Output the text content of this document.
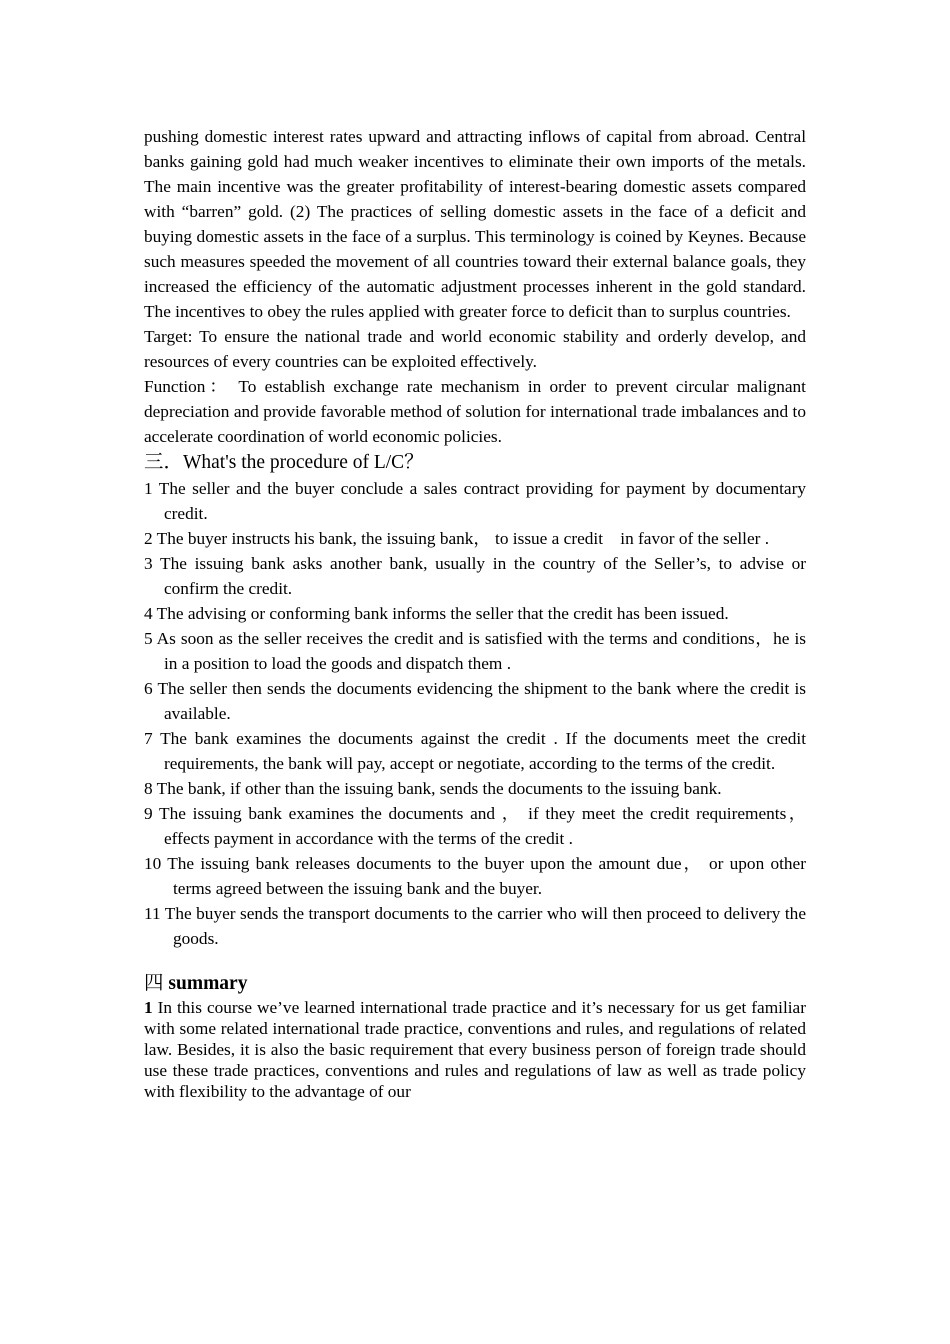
pushing domestic interest rates upward and attracting inflows of capital from abroad. Central banks gaining gold had much weaker incentives to eliminate their own imports of the metals. The main incentive was the greater profitability of interest-bearing domestic assets compared with “barren” gold. (2) The practices of selling domestic assets in the face of a deficit and buying domestic assets in the face of a surplus. This terminology is coined by Keynes. Because such measures speeded the movement of all countries toward their external balance goals, they increased the efficiency of the automatic adjustment processes inherent in the gold standard. The incentives to obey the rules applied with greater force to deficit than to surplus countries.

Target: To ensure the national trade and world economic stability and orderly develop, and resources of every countries can be exploited effectively.

Function： To establish exchange rate mechanism in order to prevent circular malignant depreciation and provide favorable method of solution for international trade imbalances and to accelerate coordination of world economic policies.

三．What's the procedure of L/C？

1 The seller and the buyer conclude a sales contract providing for payment by documentary credit.

2 The buyer instructs his bank, the issuing bank， to issue a credit　in favor of the seller .

3 The issuing bank asks another bank, usually in the country of the Seller’s, to advise or confirm the credit.

4 The advising or conforming bank informs the seller that the credit has been issued.

5 As soon as the seller receives the credit and is satisfied with the terms and conditions，he is in a position to load the goods and dispatch them .

6 The seller then sends the documents evidencing the shipment to the bank where the credit is available.

7 The bank examines the documents against the credit . If the documents meet the credit requirements, the bank will pay, accept or negotiate, according to the terms of the credit.

8 The bank, if other than the issuing bank, sends the documents to the issuing bank.

9 The issuing bank examines the documents and ， if they meet the credit requirements，effects payment in accordance with the terms of the credit .

10 The issuing bank releases documents to the buyer upon the amount due， or upon other terms agreed between the issuing bank and the buyer.

11 The buyer sends the transport documents to the carrier who will then proceed to delivery the goods.

四 summary

1 In this course we’ve learned international trade practice and it’s necessary for us get familiar with some related international trade practice, conventions and rules, and regulations of related law. Besides, it is also the basic requirement that every business person of foreign trade should use these trade practices, conventions and rules and regulations of law as well as trade policy with flexibility to the advantage of our
